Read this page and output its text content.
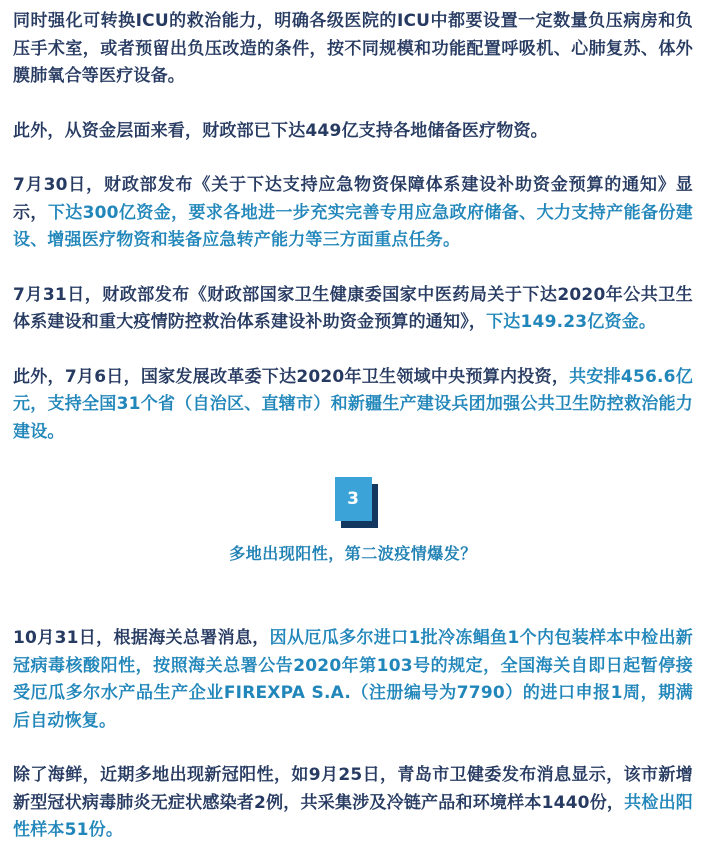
同时强化可转换ICU的救治能力，明确各级医院的ICU中都要设置一定数量负压病房和负压手术室，或者预留出负压改造的条件，按不同规模和功能配置呼吸机、心肺复苏、体外膜肺氧合等医疗设备。

此外，从资金层面来看，财政部已下达449亿支持各地储备医疗物资。

7月30日，财政部发布《关于下达支持应急物资保障体系建设补助资金预算的通知》显示，下达300亿资金，要求各地进一步充实完善专用应急政府储备、大力支持产能备份建设、增强医疗物资和装备应急转产能力等三方面重点任务。

7月31日，财政部发布《财政部国家卫生健康委国家中医药局关于下达2020年公共卫生体系建设和重大疫情防控救治体系建设补助资金预算的通知》，下达149.23亿资金。

此外，7月6日，国家发展改革委下达2020年卫生领域中央预算内投资，共安排456.6亿元，支持全国31个省（自治区、直辖市）和新疆生产建设兵团加强公共卫生防控救治能力建设。

3
多地出现阳性，第二波疫情爆发？

10月31日，根据海关总署消息，因从厄瓜多尔进口1批冷冻鲳鱼1个内包装样本中检出新冠病毒核酸阳性，按照海关总署公告2020年第103号的规定，全国海关自即日起暂停接受厄瓜多尔水产品生产企业FIREXPA S.A.（注册编号为7790）的进口申报1周，期满后自动恢复。

除了海鲜，近期多地出现新冠阳性，如9月25日，青岛市卫健委发布消息显示，该市新增新型冠状病毒肺炎无症状感染者2例，共采集涉及冷链产品和环境样本1440份，共检出阳性样本51份。
